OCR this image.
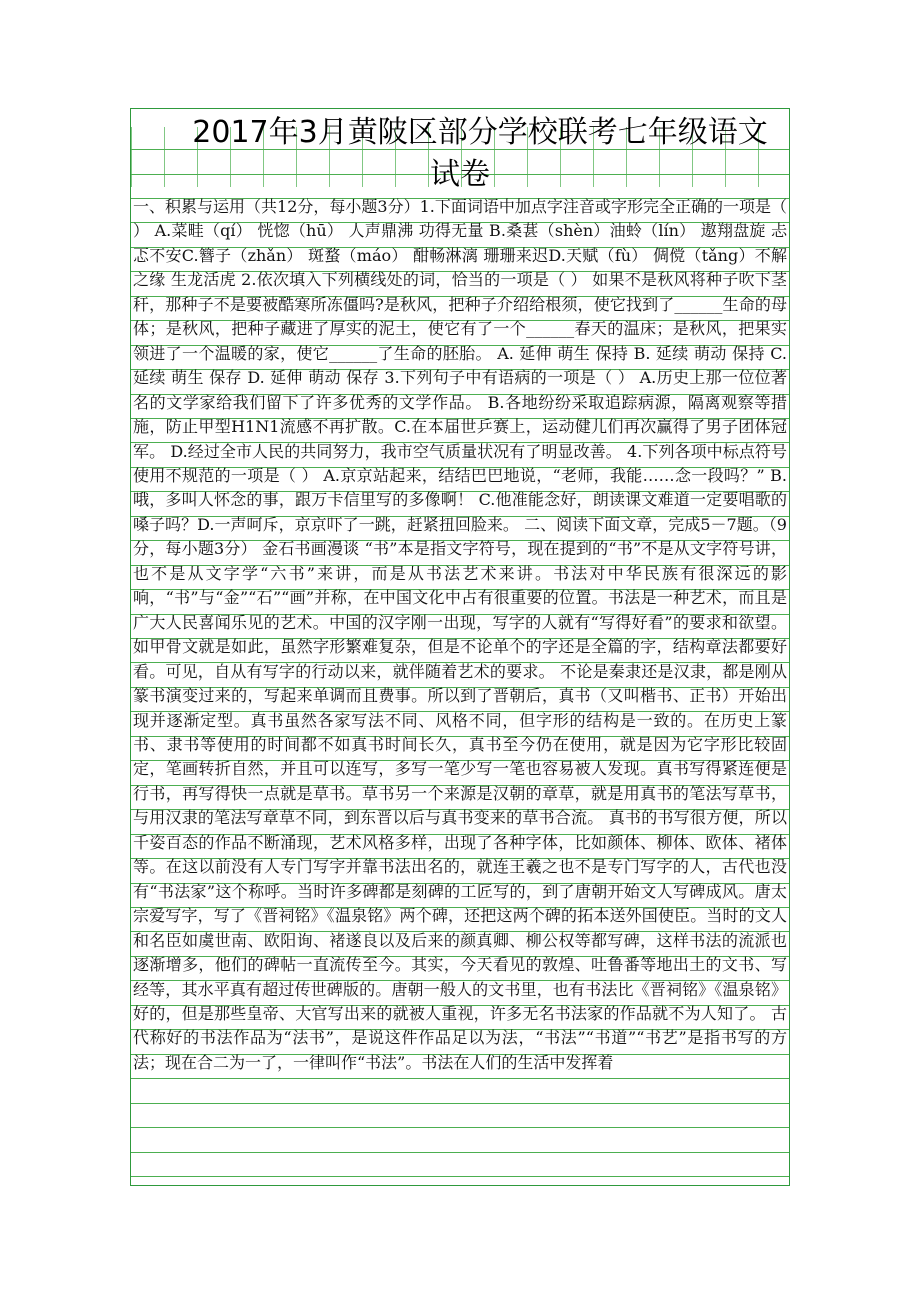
2017年3月黄陂区部分学校联考七年级语文
试卷
一、积累与运用（共12分，每小题3分）1.下面词语中加点字注音或字形完全正确的一项是（ ） A.菜畦（qí） 恍惚（hū） 人声鼎沸 功得无量 B.桑葚（shèn）油蛉（lín） 遨翔盘旋 忐忑不安C.簪子（zhǎn） 斑蝥（máo） 酣畅淋漓 珊珊来迟D.天赋（fù） 倜傥（tǎng）不解之缘 生龙活虎 2.依次填入下列横线处的词，恰当的一项是（ ） 如果不是秋风将种子吹下茎秆，那种子不是要被酷寒所冻僵吗?是秋风，把种子介绍给根须，使它找到了______生命的母体；是秋风，把种子藏进了厚实的泥土，使它有了一个______春天的温床；是秋风，把果实领进了一个温暖的家，使它______了生命的胚胎。 A. 延伸 萌生 保持 B. 延续 萌动 保持 C. 延续 萌生 保存 D. 延伸 萌动 保存 3.下列句子中有语病的一项是（ ） A.历史上那一位位著名的文学家给我们留下了许多优秀的文学作品。 B.各地纷纷采取追踪病源，隔离观察等措施，防止甲型H1N1流感不再扩散。C.在本届世乒赛上，运动健儿们再次赢得了男子团体冠军。 D.经过全市人民的共同努力，我市空气质量状况有了明显改善。 4.下列各项中标点符号使用不规范的一项是（ ） A.京京站起来，结结巴巴地说，“老师，我能……念一段吗？” B.哦，多叫人怀念的事，跟万卡信里写的多像啊！ C.他准能念好，朗读课文难道一定要唱歌的嗓子吗？D.一声呵斥，京京吓了一跳，赶紧扭回脸来。 二、阅读下面文章，完成5－7题。（9分，每小题3分） 金石书画漫谈 “书”本是指文字符号，现在提到的“书”不是从文字符号讲，也不是从文字学“六书”来讲，而是从书法艺术来讲。书法对中华民族有很深远的影响，“书”与“金”“石”“画”并称，在中国文化中占有很重要的位置。书法是一种艺术，而且是广大人民喜闻乐见的艺术。中国的汉字刚一出现，写字的人就有“写得好看”的要求和欲望。如甲骨文就是如此，虽然字形繁难复杂，但是不论单个的字还是全篇的字，结构章法都要好看。可见，自从有写字的行动以来，就伴随着艺术的要求。 不论是秦隶还是汉隶，都是刚从篆书演变过来的，写起来单调而且费事。所以到了晋朝后，真书（又叫楷书、正书）开始出现并逐渐定型。真书虽然各家写法不同、风格不同，但字形的结构是一致的。在历史上篆书、隶书等使用的时间都不如真书时间长久，真书至今仍在使用，就是因为它字形比较固定，笔画转折自然，并且可以连写，多写一笔少写一笔也容易被人发现。真书写得紧连便是行书，再写得快一点就是草书。草书另一个来源是汉朝的章草，就是用真书的笔法写草书，与用汉隶的笔法写章草不同，到东晋以后与真书变来的草书合流。 真书的书写很方便，所以千姿百态的作品不断涌现，艺术风格多样，出现了各种字体，比如颜体、柳体、欧体、褚体等。在这以前没有人专门写字并靠书法出名的，就连王羲之也不是专门写字的人，古代也没有“书法家”这个称呼。当时许多碑都是刻碑的工匠写的，到了唐朝开始文人写碑成风。唐太宗爱写字，写了《晋祠铭》《温泉铭》两个碑，还把这两个碑的拓本送外国使臣。当时的文人和名臣如虞世南、欧阳询、褚遂良以及后来的颜真卿、柳公权等都写碑，这样书法的流派也逐渐增多，他们的碑帖一直流传至今。其实，今天看见的敦煌、吐鲁番等地出土的文书、写经等，其水平真有超过传世碑版的。唐朝一般人的文书里，也有书法比《晋祠铭》《温泉铭》好的，但是那些皇帝、大官写出来的就被人重视，许多无名书法家的作品就不为人知了。 古代称好的书法作品为“法书”，是说这件作品足以为法，“书法”“书道”“书艺”是指书写的方法；现在合二为一了，一律叫作“书法”。书法在人们的生活中发挥着
